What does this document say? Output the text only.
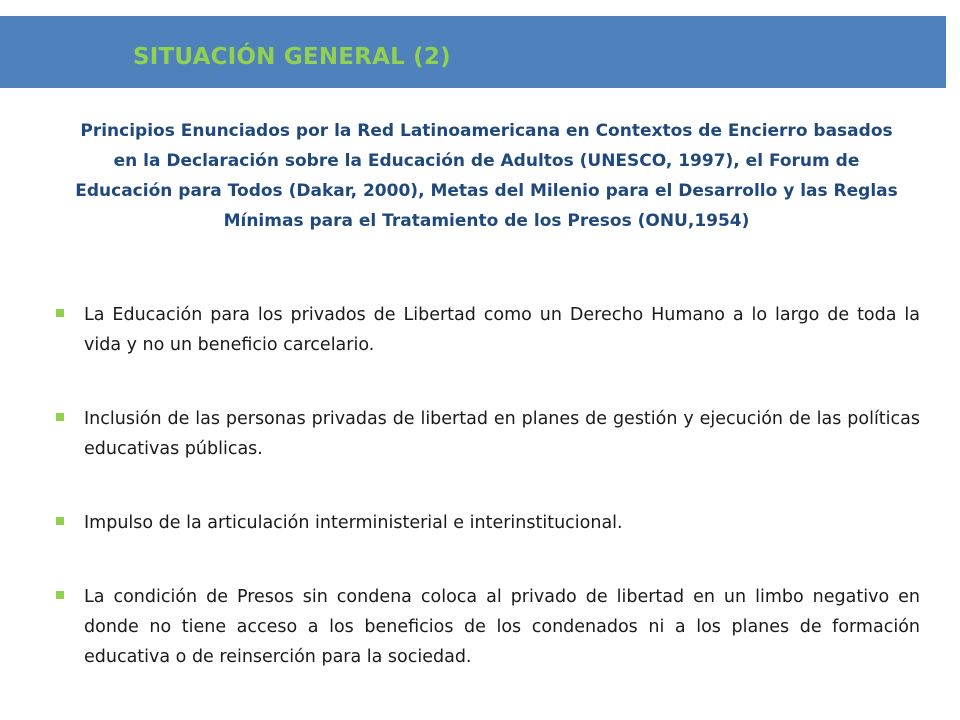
SITUACIÓN GENERAL (2)
Principios Enunciados por la Red Latinoamericana en Contextos de Encierro basados en la Declaración sobre la Educación de Adultos (UNESCO, 1997), el Forum de Educación para Todos (Dakar, 2000), Metas del Milenio para el Desarrollo y las Reglas Mínimas para el Tratamiento de los Presos (ONU,1954)
La Educación para los privados de Libertad como un Derecho Humano a lo largo de toda la vida y no un beneficio carcelario.
Inclusión de las personas privadas de libertad en planes de gestión y ejecución de las políticas educativas públicas.
Impulso de la articulación interministerial e interinstitucional.
La condición de Presos sin condena coloca al privado de libertad en un limbo negativo en donde no tiene acceso a los beneficios de los condenados ni a los planes de formación educativa o de reinserción para la sociedad.
